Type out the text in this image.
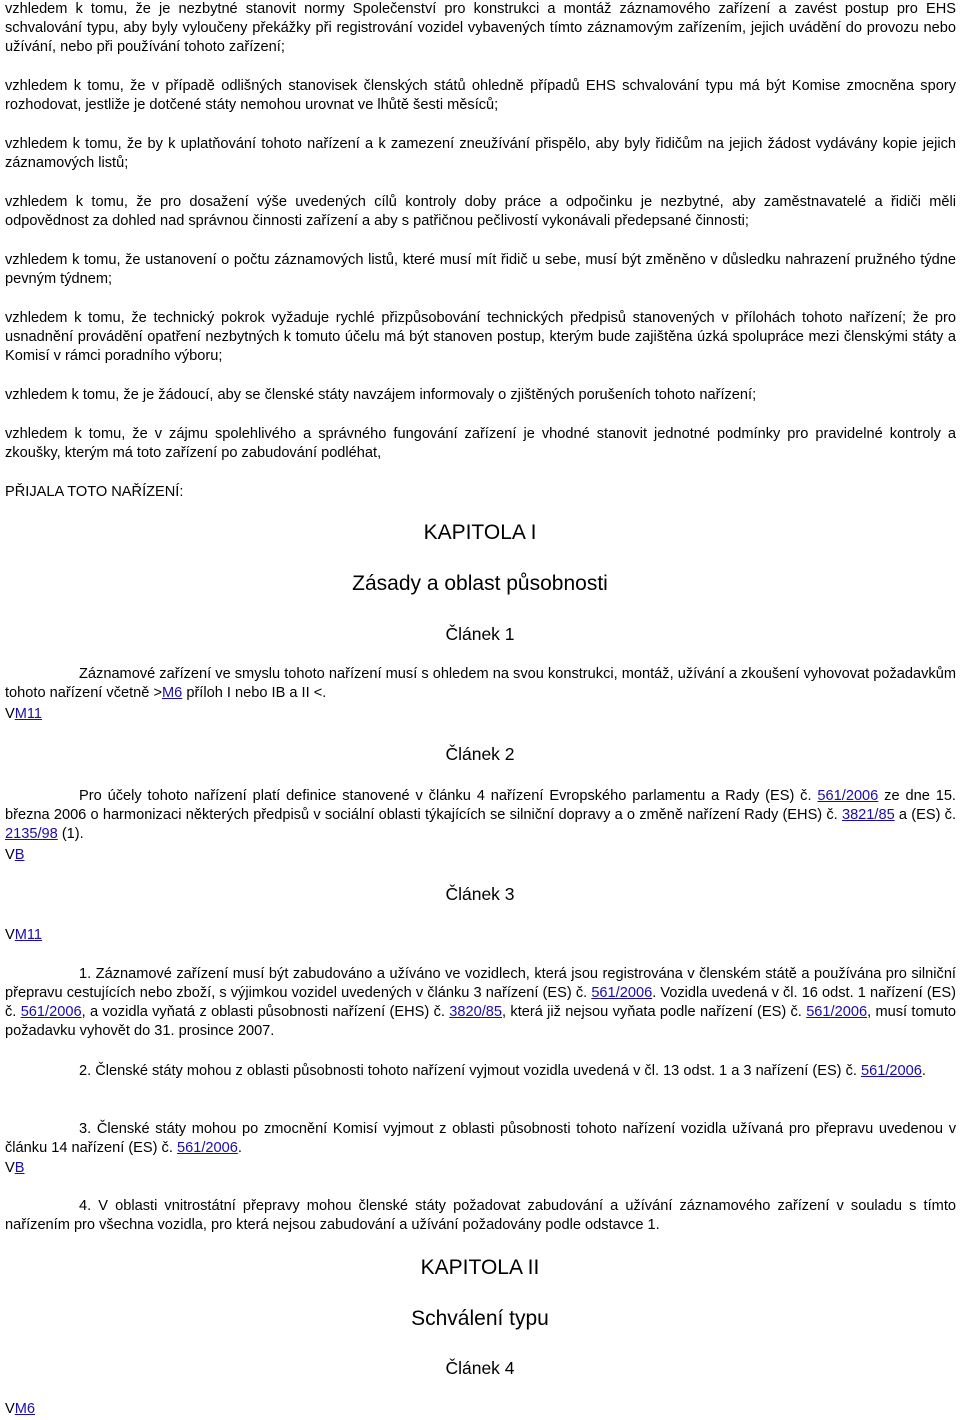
vzhledem k tomu, že je nezbytné stanovit normy Společenství pro konstrukci a montáž záznamového zařízení a zavést postup pro EHS schvalování typu, aby byly vyloučeny překážky při registrování vozidel vybavených tímto záznamovým zařízením, jejich uvádění do provozu nebo užívání, nebo při používání tohoto zařízení;

vzhledem k tomu, že v případě odlišných stanovisek členských států ohledně případů EHS schvalování typu má být Komise zmocněna spory rozhodovat, jestliže je dotčené státy nemohou urovnat ve lhůtě šesti měsíců;

vzhledem k tomu, že by k uplatňování tohoto nařízení a k zamezení zneužívání přispělo, aby byly řidičům na jejich žádost vydávány kopie jejich záznamových listů;

vzhledem k tomu, že pro dosažení výše uvedených cílů kontroly doby práce a odpočinku je nezbytné, aby zaměstnavatelé a řidiči měli odpovědnost za dohled nad správnou činnosti zařízení a aby s patřičnou pečlivostí vykonávali předepsané činnosti;

vzhledem k tomu, že ustanovení o počtu záznamových listů, které musí mít řidič u sebe, musí být změněno v důsledku nahrazení pružného týdne pevným týdnem;

vzhledem k tomu, že technický pokrok vyžaduje rychlé přizpůsobování technických předpisů stanovených v přílohách tohoto nařízení; že pro usnadnění provádění opatření nezbytných k tomuto účelu má být stanoven postup, kterým bude zajištěna úzká spolupráce mezi členskými státy a Komisí v rámci poradního výboru;

vzhledem k tomu, že je žádoucí, aby se členské státy navzájem informovaly o zjištěných porušeních tohoto nařízení;

vzhledem k tomu, že v zájmu spolehlivého a správného fungování zařízení je vhodné stanovit jednotné podmínky pro pravidelné kontroly a zkoušky, kterým má toto zařízení po zabudování podléhat,

PŘIJALA TOTO NAŘÍZENÍ:

KAPITOLA I
Zásady a oblast působnosti
Článek 1

Záznamové zařízení ve smyslu tohoto nařízení musí s ohledem na svou konstrukci, montáž, užívání a zkoušení vyhovovat požadavkům tohoto nařízení včetně >M6 příloh I nebo IB a II <.

VM11
Článek 2

Pro účely tohoto nařízení platí definice stanovené v článku 4 nařízení Evropského parlamentu a Rady (ES) č. 561/2006 ze dne 15. března 2006 o harmonizaci některých předpisů v sociální oblasti týkajících se silniční dopravy a o změně nařízení Rady (EHS) č. 3821/85 a (ES) č. 2135/98 (1).

VB
Článek 3
VM11

1. Záznamové zařízení musí být zabudováno a užíváno ve vozidlech, která jsou registrována v členském státě a používána pro silniční přepravu cestujících nebo zboží, s výjimkou vozidel uvedených v článku 3 nařízení (ES) č. 561/2006. Vozidla uvedená v čl. 16 odst. 1 nařízení (ES) č. 561/2006, a vozidla vyňatá z oblasti působnosti nařízení (EHS) č. 3820/85, která již nejsou vyňata podle nařízení (ES) č. 561/2006, musí tomuto požadavku vyhovět do 31. prosince 2007.

2. Členské státy mohou z oblasti působnosti tohoto nařízení vyjmout vozidla uvedená v čl. 13 odst. 1 a 3 nařízení (ES) č. 561/2006.

3. Členské státy mohou po zmocnění Komisí vyjmout z oblasti působnosti tohoto nařízení vozidla užívaná pro přepravu uvedenou v článku 14 nařízení (ES) č. 561/2006.

VB

4. V oblasti vnitrostátní přepravy mohou členské státy požadovat zabudování a užívání záznamového zařízení v souladu s tímto nařízením pro všechna vozidla, pro která nejsou zabudování a užívání požadovány podle odstavce 1.

KAPITOLA II
Schválení typu
Článek 4
VM6
